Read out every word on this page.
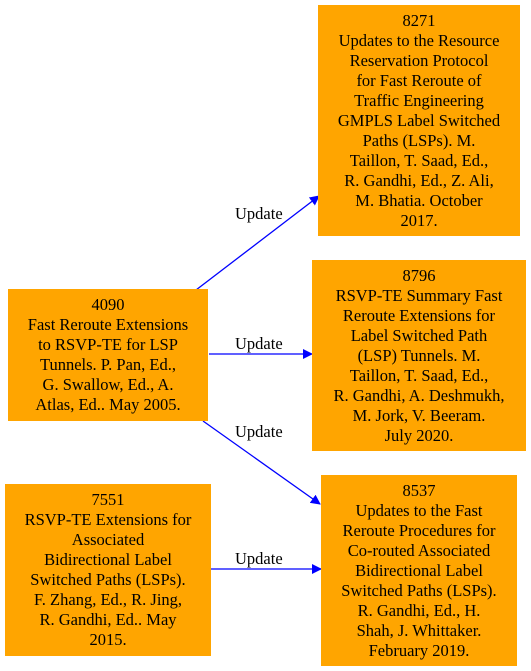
4090
Fast Reroute Extensions
to RSVP-TE for LSP
Tunnels. P. Pan, Ed.,
G. Swallow, Ed., A.
Atlas, Ed.. May 2005.
7551
RSVP-TE Extensions for
Associated
Bidirectional Label
Switched Paths (LSPs).
F. Zhang, Ed., R. Jing,
R. Gandhi, Ed.. May
2015.
8271
Updates to the Resource
Reservation Protocol
for Fast Reroute of
Traffic Engineering
GMPLS Label Switched
Paths (LSPs). M.
Taillon, T. Saad, Ed.,
R. Gandhi, Ed., Z. Ali,
M. Bhatia. October
2017.
8796
RSVP-TE Summary Fast
Reroute Extensions for
Label Switched Path
(LSP) Tunnels. M.
Taillon, T. Saad, Ed.,
R. Gandhi, A. Deshmukh,
M. Jork, V. Beeram.
July 2020.
8537
Updates to the Fast
Reroute Procedures for
Co-routed Associated
Bidirectional Label
Switched Paths (LSPs).
R. Gandhi, Ed., H.
Shah, J. Whittaker.
February 2019.
Update
Update
Update
Update
